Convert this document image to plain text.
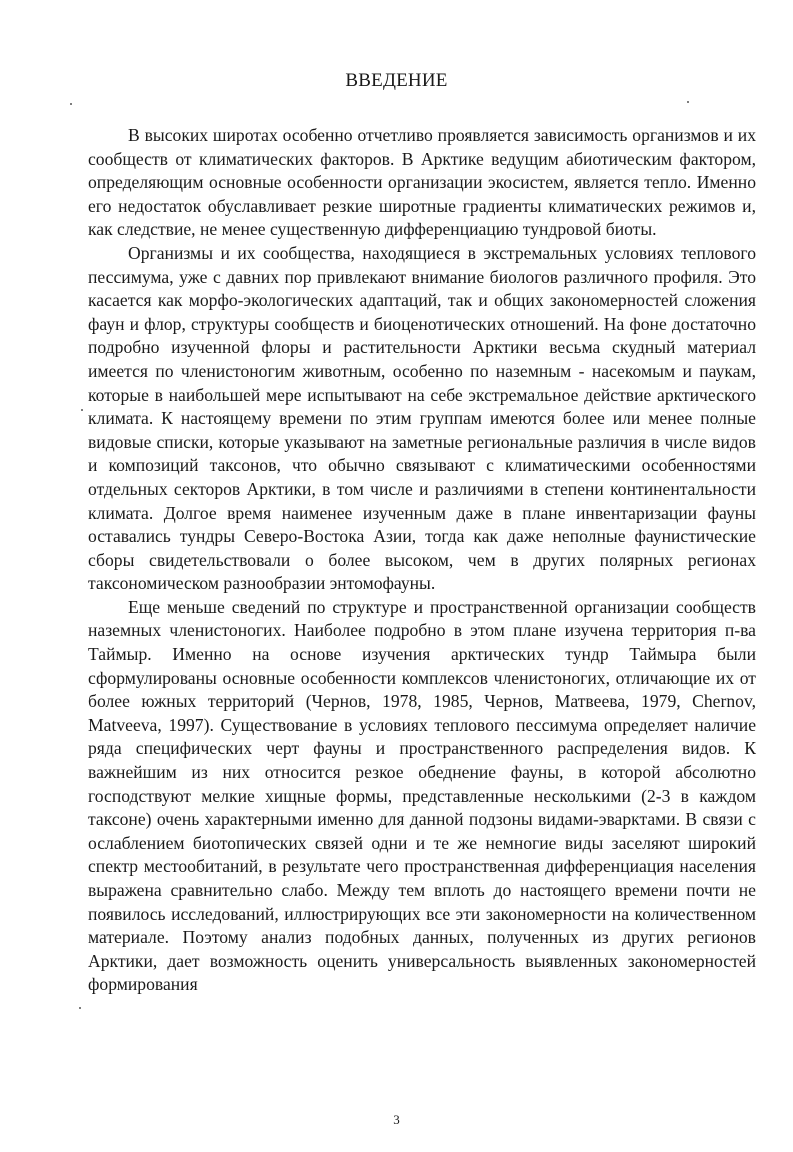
ВВЕДЕНИЕ

В высоких широтах особенно отчетливо проявляется зависимость организмов и их сообществ от климатических факторов. В Арктике ведущим абиотическим фактором, определяющим основные особенности организации экосистем, является тепло. Именно его недостаток обуславливает резкие широтные градиенты климатических режимов и, как следствие, не менее существенную дифференциацию тундровой биоты.

Организмы и их сообщества, находящиеся в экстремальных условиях теплового пессимума, уже с давних пор привлекают внимание биологов различного профиля. Это касается как морфо-экологических адаптаций, так и общих закономерностей сложения фаун и флор, структуры сообществ и биоценотических отношений. На фоне достаточно подробно изученной флоры и растительности Арктики весьма скудный материал имеется по членистоногим животным, особенно по наземным - насекомым и паукам, которые в наибольшей мере испытывают на себе экстремальное действие арктического климата. К настоящему времени по этим группам имеются более или менее полные видовые списки, которые указывают на заметные региональные различия в числе видов и композиций таксонов, что обычно связывают с климатическими особенностями отдельных секторов Арктики, в том числе и различиями в степени континентальности климата. Долгое время наименее изученным даже в плане инвентаризации фауны оставались тундры Северо-Востока Азии, тогда как даже неполные фаунистические сборы свидетельствовали о более высоком, чем в других полярных регионах таксономическом разнообразии энтомофауны.

Еще меньше сведений по структуре и пространственной организации сообществ наземных членистоногих. Наиболее подробно в этом плане изучена территория п-ва Таймыр. Именно на основе изучения арктических тундр Таймыра были сформулированы основные особенности комплексов членистоногих, отличающие их от более южных территорий (Чернов, 1978, 1985, Чернов, Матвеева, 1979, Chernov, Matveeva, 1997). Существование в условиях теплового пессимума определяет наличие ряда специфических черт фауны и пространственного распределения видов. К важнейшим из них относится резкое обеднение фауны, в которой абсолютно господствуют мелкие хищные формы, представленные несколькими (2-3 в каждом таксоне) очень характерными именно для данной подзоны видами-эварктами. В связи с ослаблением биотопических связей одни и те же немногие виды заселяют широкий спектр местообитаний, в результате чего пространственная дифференциация населения выражена сравнительно слабо. Между тем вплоть до настоящего времени почти не появилось исследований, иллюстрирующих все эти закономерности на количественном материале. Поэтому анализ подобных данных, полученных из других регионов Арктики, дает возможность оценить универсальность выявленных закономерностей формирования

3
